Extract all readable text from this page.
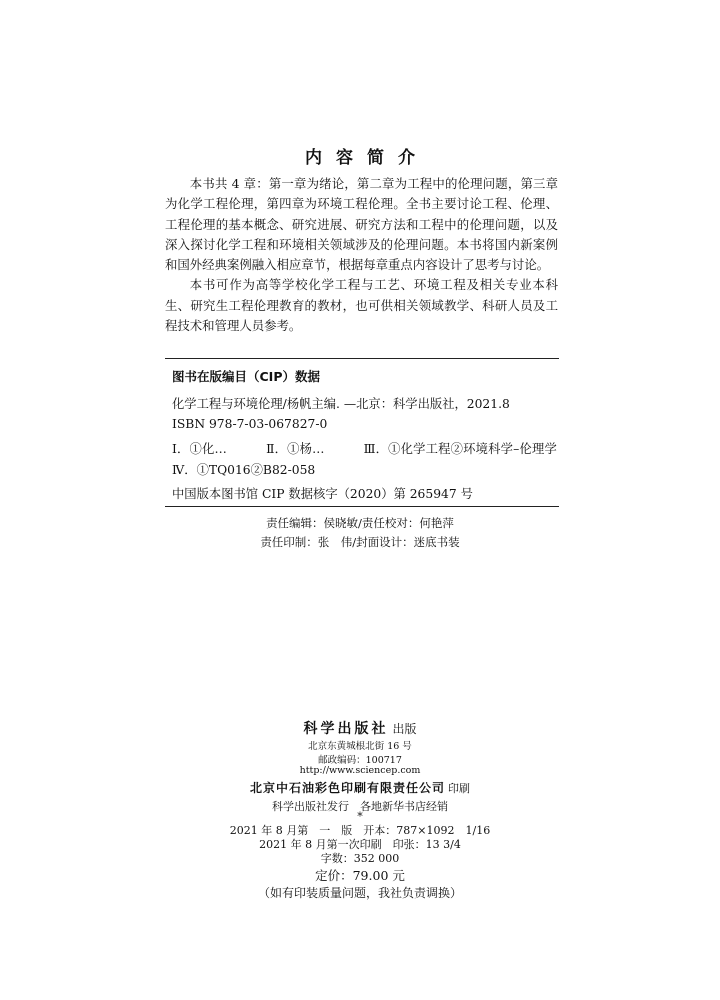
内容简介

本书共 4 章：第一章为绪论，第二章为工程中的伦理问题，第三章为化学工程伦理，第四章为环境工程伦理。全书主要讨论工程、伦理、工程伦理的基本概念、研究进展、研究方法和工程中的伦理问题，以及深入探讨化学工程和环境相关领域涉及的伦理问题。本书将国内新案例和国外经典案例融入相应章节，根据每章重点内容设计了思考与讨论。

本书可作为高等学校化学工程与工艺、环境工程及相关专业本科生、研究生工程伦理教育的教材，也可供相关领域教学、科研人员及工程技术和管理人员参考。

图书在版编目（CIP）数据
化学工程与环境伦理/杨帆主编. —北京：科学出版社，2021.8
ISBN 978-7-03-067827-0
Ⅰ．①化…	Ⅱ．①杨…	Ⅲ．①化学工程②环境科学–伦理学
Ⅳ．①TQ016②B82-058
中国版本图书馆 CIP 数据核字（2020）第 265947 号
责任编辑：侯晓敏/责任校对：何艳萍
责任印制：张　伟/封面设计：迷底书装
科学出版社 出版
北京东黄城根北街 16 号
邮政编码：100717
http://www.sciencep.com
北京中石油彩色印刷有限责任公司 印刷
科学出版社发行　各地新华书店经销
*
2021 年 8 月第　一　版　开本：787×1092　1/16
2021 年 8 月第一次印刷　印张：13 3/4
字数：352 000
定价：79.00 元
（如有印装质量问题，我社负责调换）
